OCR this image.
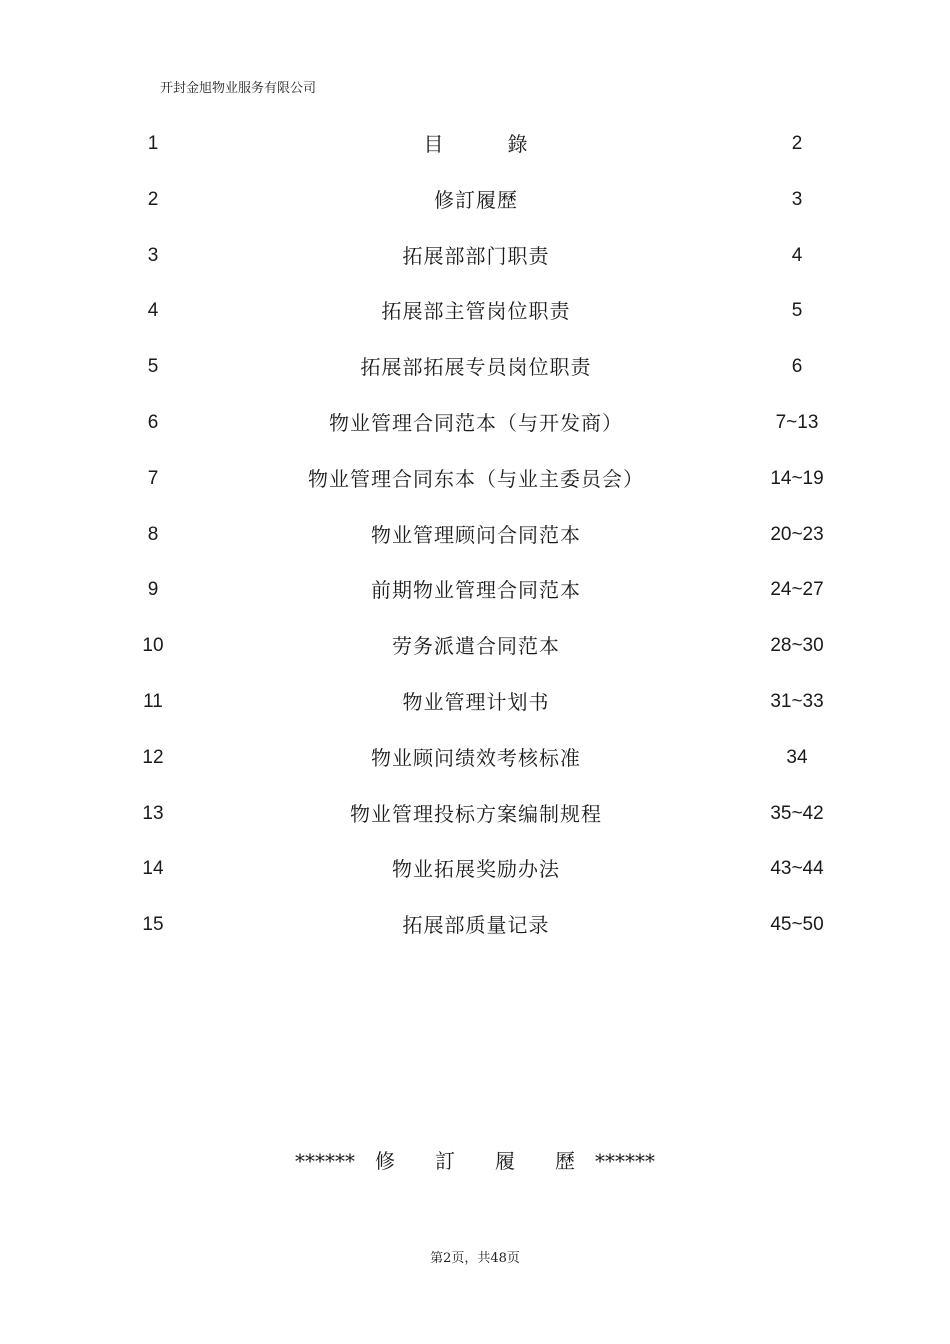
开封金旭物业服务有限公司
1	目　　　錄	2
2	修訂履歷	3
3	拓展部部门职责	4
4	拓展部主管岗位职责	5
5	拓展部拓展专员岗位职责	6
6	物业管理合同范本（与开发商）	7~13
7	物业管理合同东本（与业主委员会）	14~19
8	物业管理顾问合同范本	20~23
9	前期物业管理合同范本	24~27
10	劳务派遣合同范本	28~30
11	物业管理计划书	31~33
12	物业顾问绩效考核标准	34
13	物业管理投标方案编制规程	35~42
14	物业拓展奖励办法	43~44
15	拓展部质量记录	45~50
******　修　　訂　　履　　歷　******
第2页，共48页
